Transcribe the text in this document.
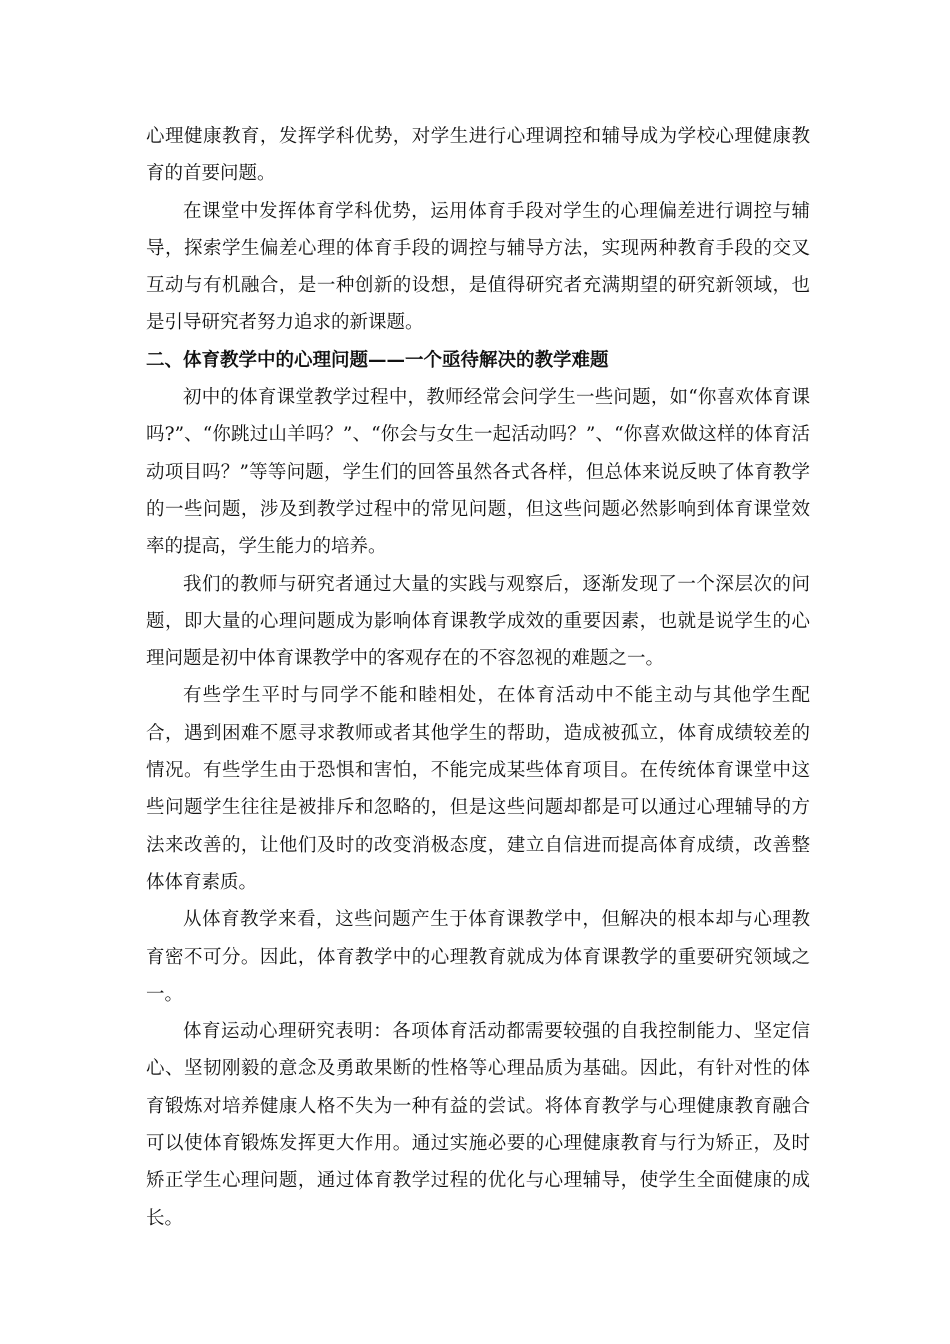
心理健康教育，发挥学科优势，对学生进行心理调控和辅导成为学校心理健康教育的首要问题。

在课堂中发挥体育学科优势，运用体育手段对学生的心理偏差进行调控与辅导，探索学生偏差心理的体育手段的调控与辅导方法，实现两种教育手段的交叉互动与有机融合，是一种创新的设想，是值得研究者充满期望的研究新领域，也是引导研究者努力追求的新课题。

二、体育教学中的心理问题——一个亟待解决的教学难题

初中的体育课堂教学过程中，教师经常会问学生一些问题，如“你喜欢体育课吗?”、“你跳过山羊吗？”、“你会与女生一起活动吗？”、“你喜欢做这样的体育活动项目吗？”等等问题，学生们的回答虽然各式各样，但总体来说反映了体育教学的一些问题，涉及到教学过程中的常见问题，但这些问题必然影响到体育课堂效率的提高，学生能力的培养。

我们的教师与研究者通过大量的实践与观察后，逐渐发现了一个深层次的问题，即大量的心理问题成为影响体育课教学成效的重要因素，也就是说学生的心理问题是初中体育课教学中的客观存在的不容忽视的难题之一。

有些学生平时与同学不能和睦相处，在体育活动中不能主动与其他学生配合，遇到困难不愿寻求教师或者其他学生的帮助，造成被孤立，体育成绩较差的情况。有些学生由于恐惧和害怕，不能完成某些体育项目。在传统体育课堂中这些问题学生往往是被排斥和忽略的，但是这些问题却都是可以通过心理辅导的方法来改善的，让他们及时的改变消极态度，建立自信进而提高体育成绩，改善整体体育素质。

从体育教学来看，这些问题产生于体育课教学中，但解决的根本却与心理教育密不可分。因此，体育教学中的心理教育就成为体育课教学的重要研究领域之一。

体育运动心理研究表明：各项体育活动都需要较强的自我控制能力、坚定信心、坚韧刚毅的意念及勇敢果断的性格等心理品质为基础。因此，有针对性的体育锻炼对培养健康人格不失为一种有益的尝试。将体育教学与心理健康教育融合可以使体育锻炼发挥更大作用。通过实施必要的心理健康教育与行为矫正，及时矫正学生心理问题，通过体育教学过程的优化与心理辅导，使学生全面健康的成长。
